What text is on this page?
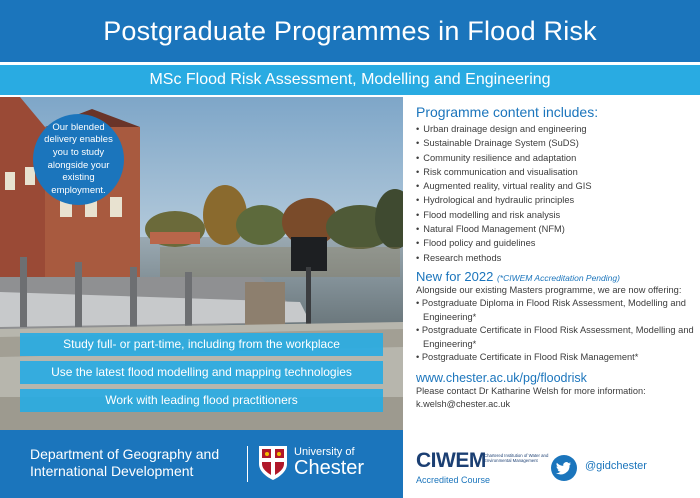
Postgraduate Programmes in Flood Risk
MSc Flood Risk Assessment, Modelling and Engineering
Our blended delivery enables you to study alongside your existing employment.
Study full- or part-time, including from the workplace
Use the latest flood modelling and mapping technologies
Work with leading flood practitioners
Programme content includes:
• Urban drainage design and engineering
• Sustainable Drainage System (SuDS)
• Community resilience and adaptation
• Risk communication and visualisation
• Augmented reality, virtual reality and GIS
• Hydrological and hydraulic principles
• Flood modelling and risk analysis
• Natural Flood Management (NFM)
• Flood policy and guidelines
• Research methods
New for 2022 (*CIWEM Accreditation Pending)
Alongside our existing Masters programme, we are now offering:
• Postgraduate Diploma in Flood Risk Assessment, Modelling and Engineering*
• Postgraduate Certificate in Flood Risk Assessment, Modelling and Engineering*
• Postgraduate Certificate in Flood Risk Management*
www.chester.ac.uk/pg/floodrisk
Please contact Dr Katharine Welsh for more information:
k.welsh@chester.ac.uk
Department of Geography and
International Development
University of
Chester CIWEM
Chartered Institution of Water and Environmental Management
Accredited Course
@gidchester
